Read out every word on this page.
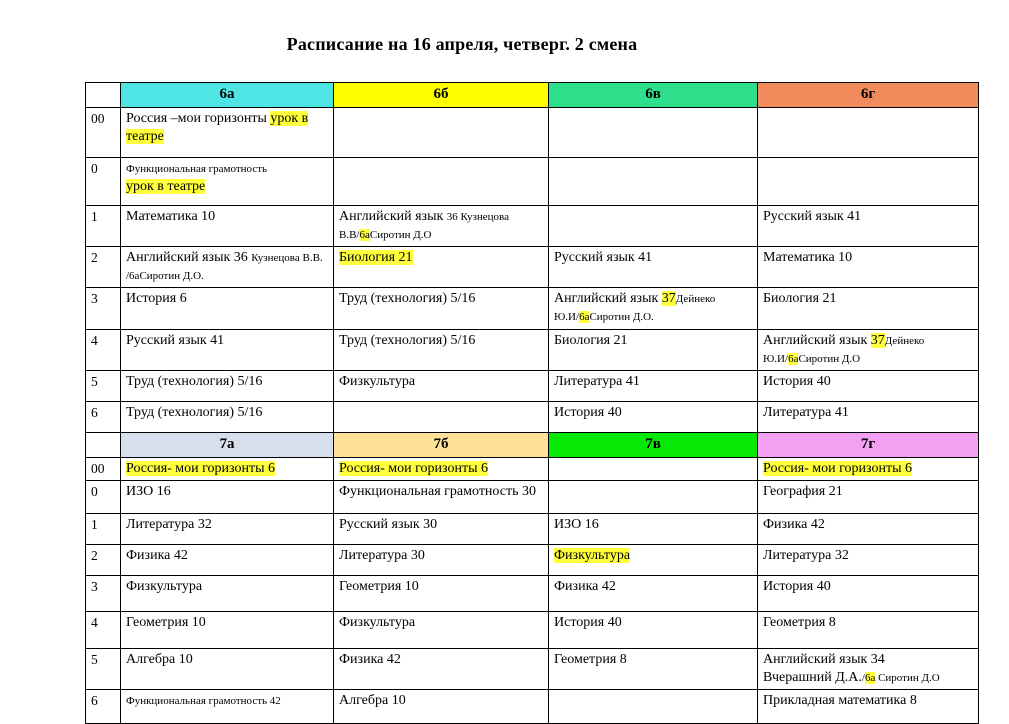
Расписание на 16 апреля, четверг. 2 смена
	6а	6б	6в	6г
00	Россия –мои горизонты урок в театре			
0	Функциональная грамотность
урок в театре			
1	Математика 10	Английский язык 36 Кузнецова В.В/6аСиротин Д.О		Русский язык 41
2	Английский язык 36 Кузнецова В.В. /6аСиротин Д.О.	Биология 21	Русский язык 41	Математика 10
3	История 6	Труд (технология) 5/16	Английский язык 37Дейнеко Ю.И/6аСиротин Д.О.	Биология 21
4	Русский язык 41	Труд (технология) 5/16	Биология 21	Английский язык 37Дейнеко Ю.И/6аСиротин Д.О
5	Труд (технология) 5/16	Физкультура	Литература 41	История 40
6	Труд (технология) 5/16		История 40	Литература 41
	7а	7б	7в	7г
00	Россия- мои горизонты 6	Россия- мои горизонты 6		Россия- мои горизонты 6
0	ИЗО 16	Функциональная грамотность 30		География 21
1	Литература 32	Русский язык 30	ИЗО 16	Физика 42
2	Физика 42	Литература 30	Физкультура	Литература 32
3	Физкультура	Геометрия 10	Физика 42	История 40
4	Геометрия 10	Физкультура	История 40	Геометрия 8
5	Алгебра 10	Физика 42	Геометрия 8	Английский язык 34
Вчерашний Д.А./6а Сиротин Д.О
6	Функциональная грамотность 42	Алгебра 10		Прикладная математика 8
